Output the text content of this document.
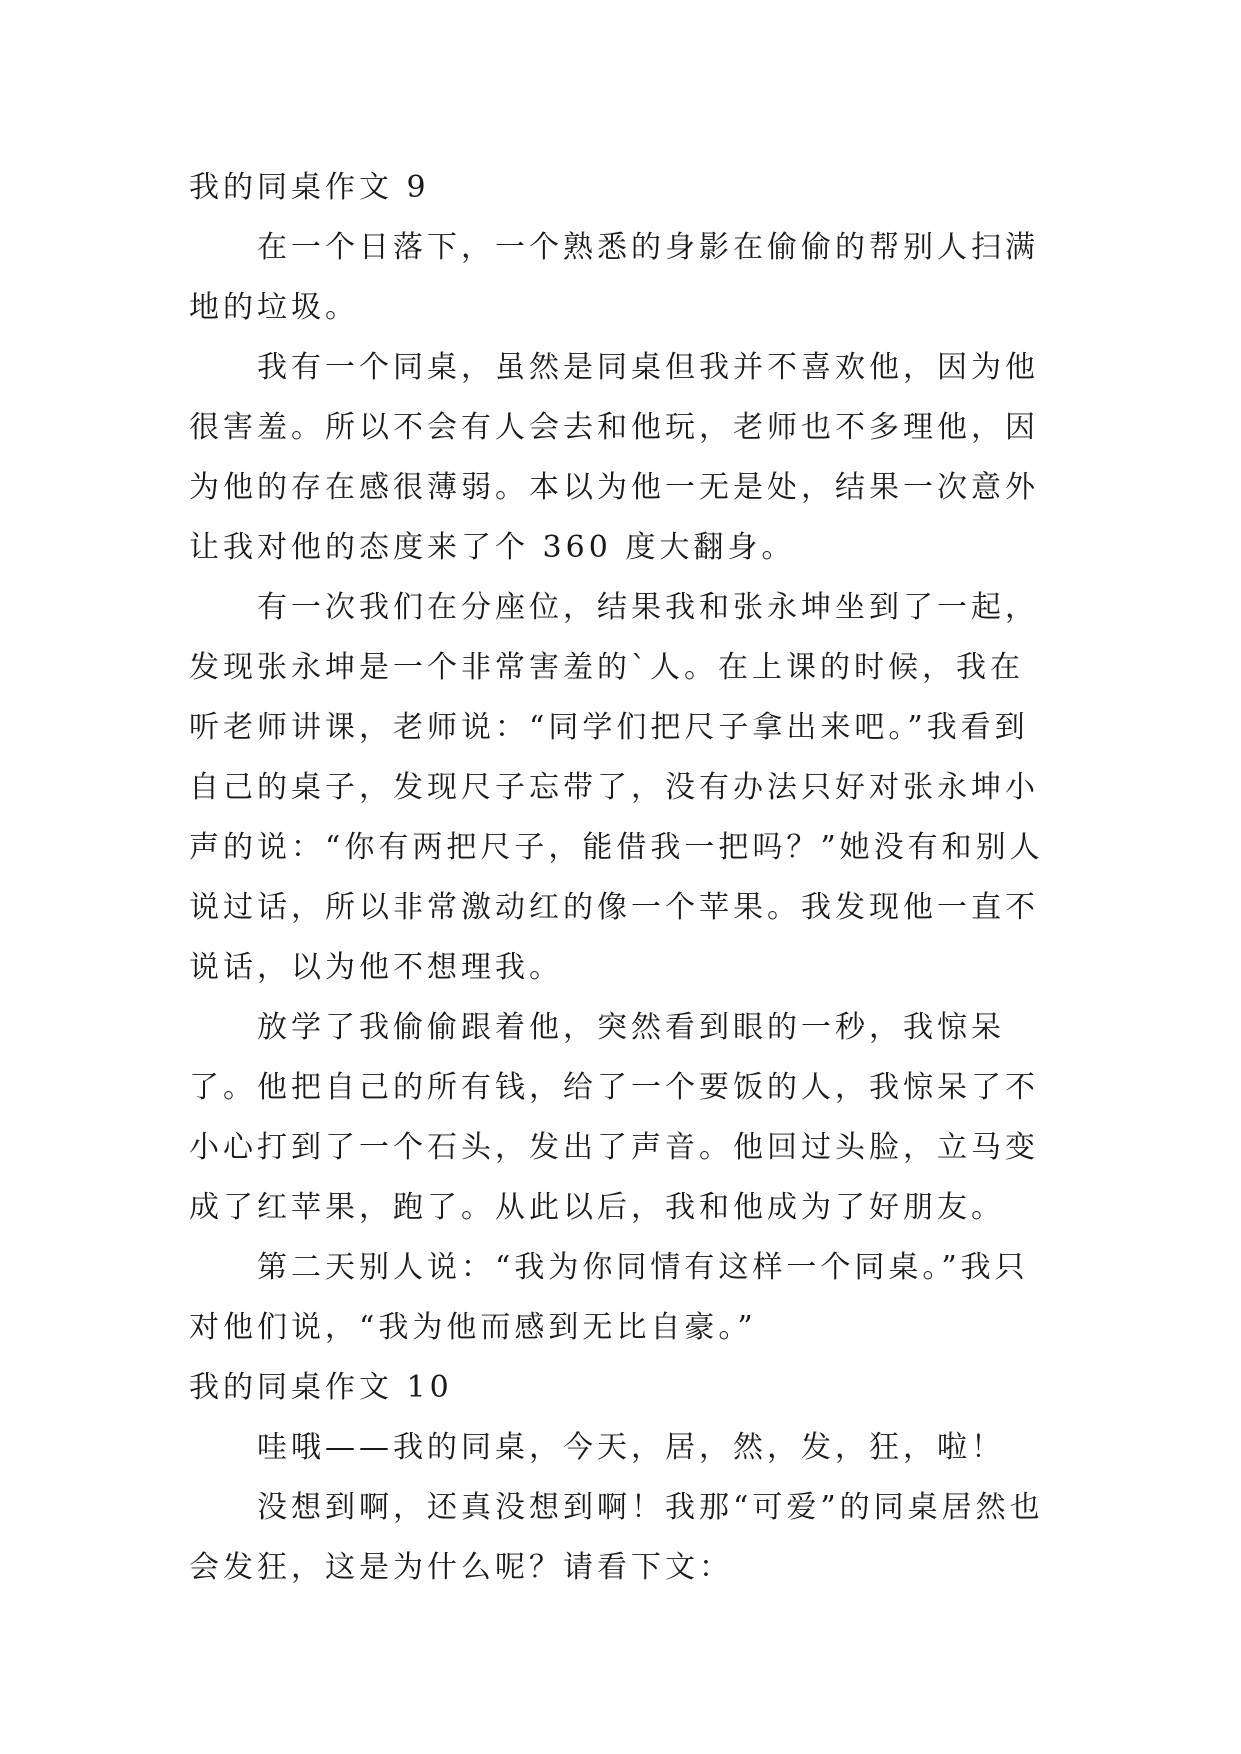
我的同桌作文 9

在一个日落下，一个熟悉的身影在偷偷的帮别人扫满地的垃圾。

我有一个同桌，虽然是同桌但我并不喜欢他，因为他很害羞。所以不会有人会去和他玩，老师也不多理他，因为他的存在感很薄弱。本以为他一无是处，结果一次意外让我对他的态度来了个 360 度大翻身。

有一次我们在分座位，结果我和张永坤坐到了一起，发现张永坤是一个非常害羞的`人。在上课的时候，我在听老师讲课，老师说：“同学们把尺子拿出来吧。”我看到自己的桌子，发现尺子忘带了，没有办法只好对张永坤小声的说：“你有两把尺子，能借我一把吗？”她没有和别人说过话，所以非常激动红的像一个苹果。我发现他一直不说话，以为他不想理我。

放学了我偷偷跟着他，突然看到眼的一秒，我惊呆了。他把自己的所有钱，给了一个要饭的人，我惊呆了不小心打到了一个石头，发出了声音。他回过头脸，立马变成了红苹果，跑了。从此以后，我和他成为了好朋友。

第二天别人说：“我为你同情有这样一个同桌。”我只对他们说，“我为他而感到无比自豪。”

我的同桌作文 10

哇哦——我的同桌，今天，居，然，发，狂，啦！

没想到啊，还真没想到啊！我那“可爱”的同桌居然也会发狂，这是为什么呢？请看下文：
